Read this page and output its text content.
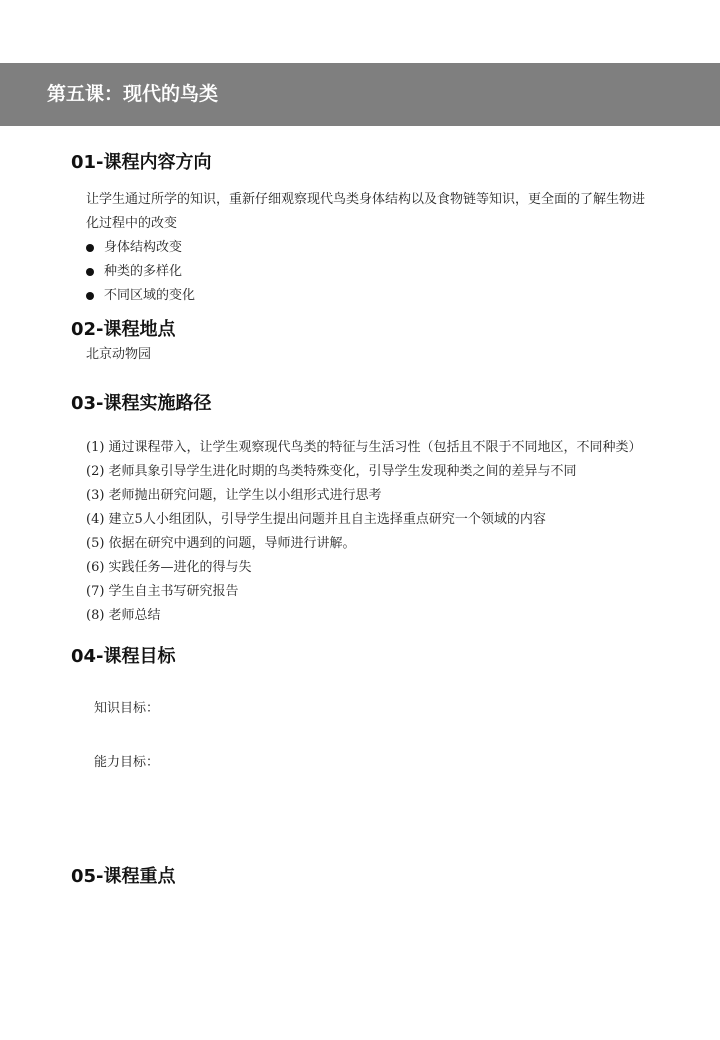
第五课：现代的鸟类
01-课程内容方向

让学生通过所学的知识，重新仔细观察现代鸟类身体结构以及食物链等知识，更全面的了解生物进化过程中的改变

身体结构改变
种类的多样化
不同区域的变化
02-课程地点

北京动物园

03-课程实施路径
(1) 通过课程带入，让学生观察现代鸟类的特征与生活习性（包括且不限于不同地区，不同种类）
(2) 老师具象引导学生进化时期的鸟类特殊变化，引导学生发现种类之间的差异与不同
(3) 老师抛出研究问题，让学生以小组形式进行思考
(4) 建立5人小组团队，引导学生提出问题并且自主选择重点研究一个领域的内容
(5) 依据在研究中遇到的问题，导师进行讲解。
(6) 实践任务—进化的得与失
(7) 学生自主书写研究报告
(8) 老师总结
04-课程目标

知识目标：

能力目标：

05-课程重点
